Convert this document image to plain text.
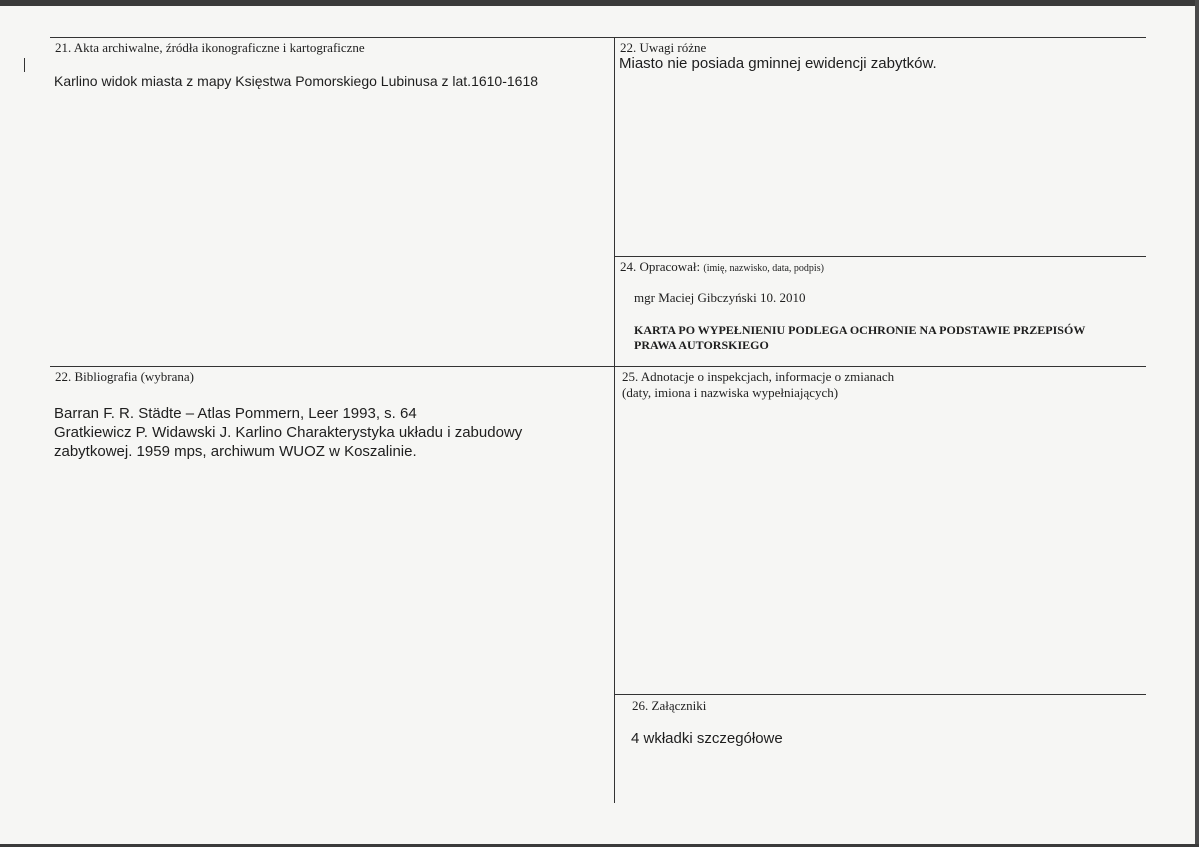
21. Akta archiwalne, źródła ikonograficzne i kartograficzne
Karlino widok miasta z mapy Księstwa Pomorskiego Lubinusa z lat.1610-1618
22. Uwagi różne
Miasto nie posiada gminnej ewidencji zabytków.
24. Opracował: (imię, nazwisko, data, podpis)
mgr Maciej Gibczyński 10. 2010
KARTA PO WYPEŁNIENIU PODLEGA OCHRONIE NA PODSTAWIE PRZEPISÓW
PRAWA AUTORSKIEGO
22. Bibliografia (wybrana)
Barran F. R. Städte – Atlas Pommern, Leer 1993, s. 64
Gratkiewicz P. Widawski J. Karlino Charakterystyka układu i zabudowy
zabytkowej. 1959 mps, archiwum WUOZ w Koszalinie.
25. Adnotacje o inspekcjach, informacje o zmianach
(daty, imiona i nazwiska wypełniających)
26. Załączniki
4 wkładki szczegółowe
